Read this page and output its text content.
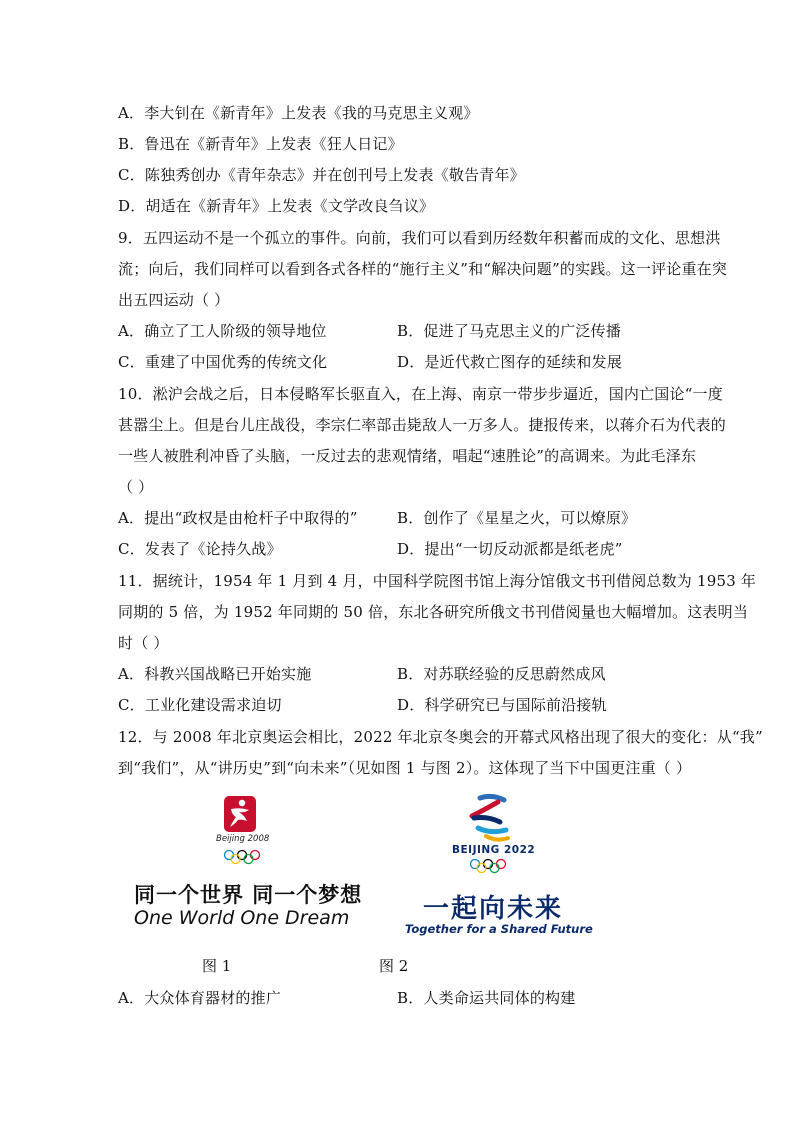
A．李大钊在《新青年》上发表《我的马克思主义观》
B．鲁迅在《新青年》上发表《狂人日记》
C．陈独秀创办《青年杂志》并在创刊号上发表《敬告青年》
D．胡适在《新青年》上发表《文学改良刍议》
9．五四运动不是一个孤立的事件。向前，我们可以看到历经数年积蓄而成的文化、思想洪
流；向后，我们同样可以看到各式各样的“施行主义”和“解决问题”的实践。这一评论重在突
出五四运动（ ）
A．确立了工人阶级的领导地位	B．促进了马克思主义的广泛传播
C．重建了中国优秀的传统文化	D．是近代救亡图存的延续和发展
10．淞沪会战之后，日本侵略军长驱直入，在上海、南京一带步步逼近，国内亡国论“一度
甚嚣尘上。但是台儿庄战役，李宗仁率部击毙敌人一万多人。捷报传来，以蒋介石为代表的
一些人被胜利冲昏了头脑，一反过去的悲观情绪，唱起“速胜论”的高调来。为此毛泽东
（ ）
A．提出“政权是由枪杆子中取得的”	B．创作了《星星之火，可以燎原》
C．发表了《论持久战》	D．提出“一切反动派都是纸老虎”
11．据统计，1954 年 1 月到 4 月，中国科学院图书馆上海分馆俄文书刊借阅总数为 1953 年
同期的 5 倍，为 1952 年同期的 50 倍，东北各研究所俄文书刊借阅量也大幅增加。这表明当
时（ ）
A．科教兴国战略已开始实施	B．对苏联经验的反思蔚然成风
C．工业化建设需求迫切	D．科学研究已与国际前沿接轨
12．与 2008 年北京奥运会相比，2022 年北京冬奥会的开幕式风格出现了很大的变化：从“我”
到“我们”，从“讲历史”到“向未来”（见如图 1 与图 2）。这体现了当下中国更注重（ ）
Beijing 2008
同一个世界 同一个梦想
One World One Dream
BEIJING 2022
一起向未来
Together for a Shared Future
图 1	图 2
A．大众体育器材的推广	B．人类命运共同体的构建
